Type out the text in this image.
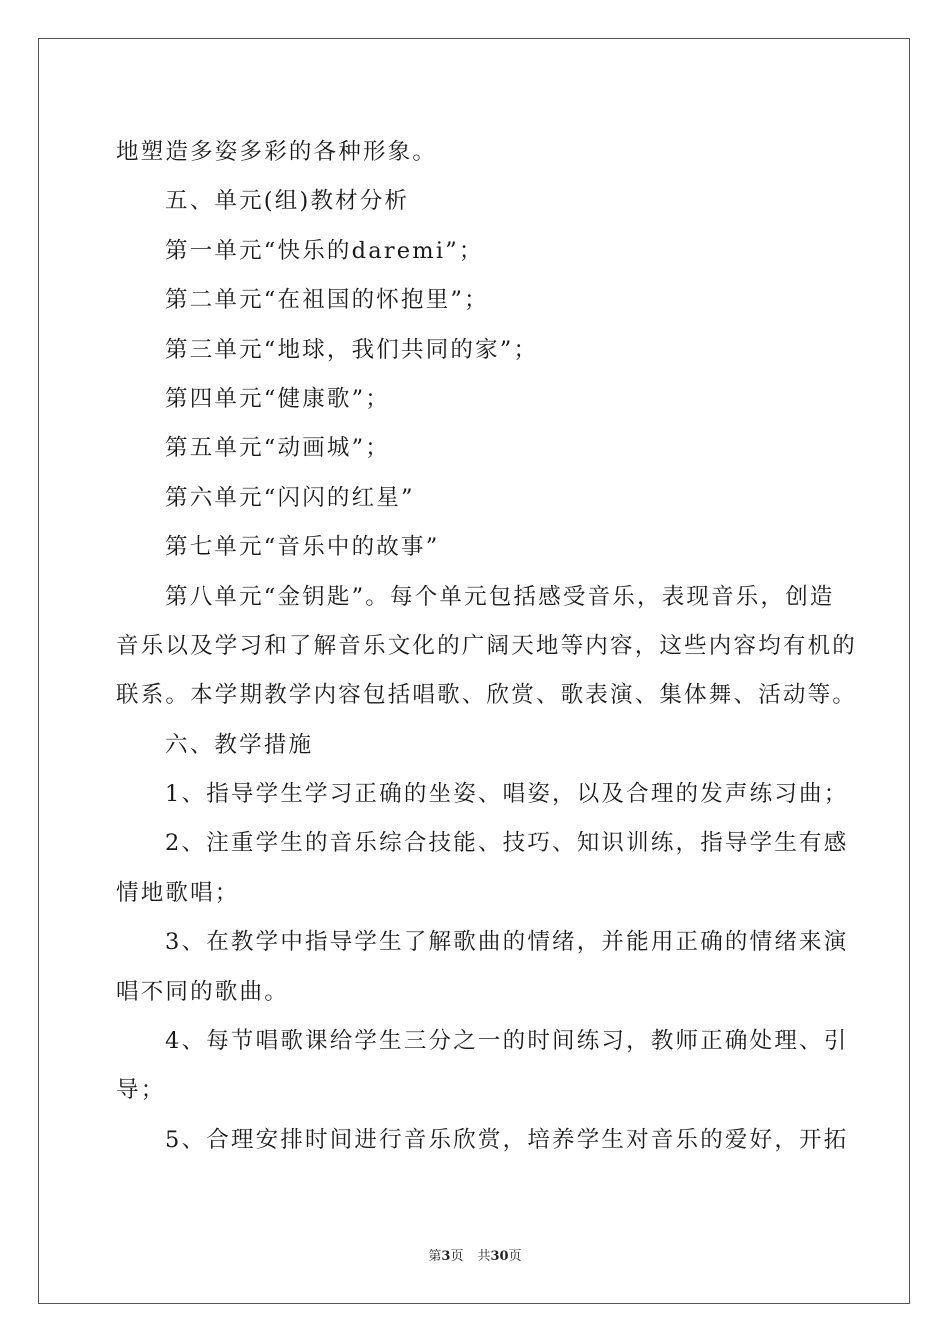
地塑造多姿多彩的各种形象。
五、单元(组)教材分析
第一单元“快乐的daremi”；
第二单元“在祖国的怀抱里”；
第三单元“地球，我们共同的家”；
第四单元“健康歌”；
第五单元“动画城”；
第六单元“闪闪的红星”
第七单元“音乐中的故事”
第八单元“金钥匙”。每个单元包括感受音乐，表现音乐，创造
音乐以及学习和了解音乐文化的广阔天地等内容，这些内容均有机的
联系。本学期教学内容包括唱歌、欣赏、歌表演、集体舞、活动等。
六、教学措施
1、指导学生学习正确的坐姿、唱姿，以及合理的发声练习曲；
2、注重学生的音乐综合技能、技巧、知识训练，指导学生有感
情地歌唱；
3、在教学中指导学生了解歌曲的情绪，并能用正确的情绪来演
唱不同的歌曲。
4、每节唱歌课给学生三分之一的时间练习，教师正确处理、引
导；
5、合理安排时间进行音乐欣赏，培养学生对音乐的爱好，开拓
第3页 共30页
